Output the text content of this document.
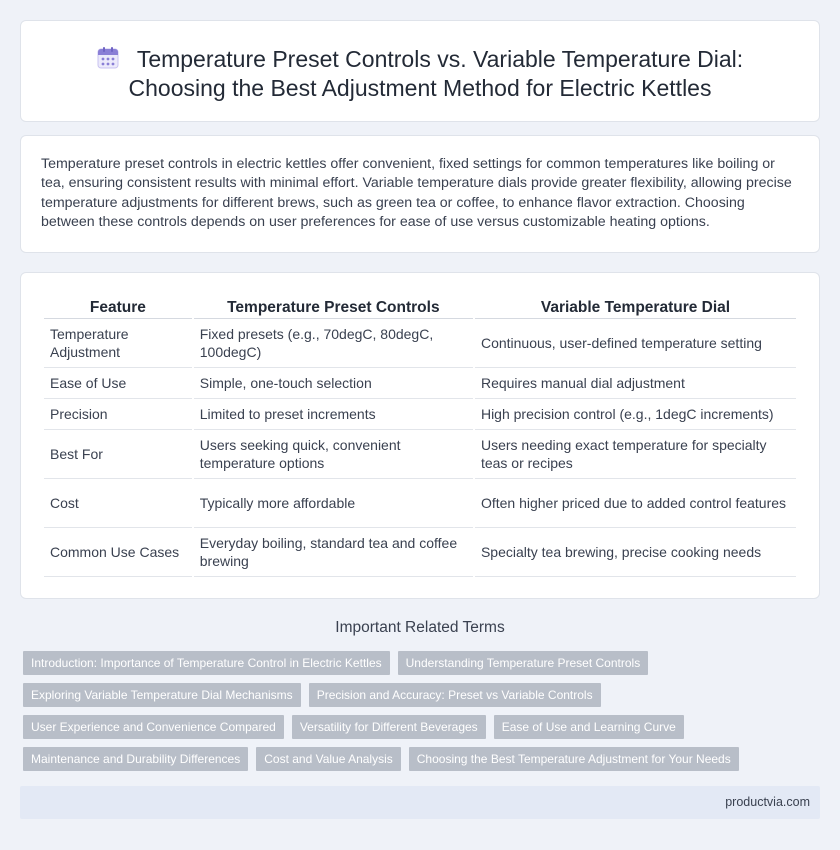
Temperature Preset Controls vs. Variable Temperature Dial:
Choosing the Best Adjustment Method for Electric Kettles

Temperature preset controls in electric kettles offer convenient, fixed settings for common temperatures like boiling or tea, ensuring consistent results with minimal effort. Variable temperature dials provide greater flexibility, allowing precise temperature adjustments for different brews, such as green tea or coffee, to enhance flavor extraction. Choosing between these controls depends on user preferences for ease of use versus customizable heating options.

Feature	Temperature Preset Controls	Variable Temperature Dial
Temperature Adjustment	Fixed presets (e.g., 70degC, 80degC, 100degC)	Continuous, user-defined temperature setting
Ease of Use	Simple, one-touch selection	Requires manual dial adjustment
Precision	Limited to preset increments	High precision control (e.g., 1degC increments)
Best For	Users seeking quick, convenient temperature options	Users needing exact temperature for specialty teas or recipes
Cost	Typically more affordable	Often higher priced due to added control features
Common Use Cases	Everyday boiling, standard tea and coffee brewing	Specialty tea brewing, precise cooking needs
Important Related Terms
Introduction: Importance of Temperature Control in Electric Kettles	Understanding Temperature Preset Controls
Exploring Variable Temperature Dial Mechanisms	Precision and Accuracy: Preset vs Variable Controls
User Experience and Convenience Compared	Versatility for Different Beverages	Ease of Use and Learning Curve
Maintenance and Durability Differences	Cost and Value Analysis	Choosing the Best Temperature Adjustment for Your Needs
productvia.com
